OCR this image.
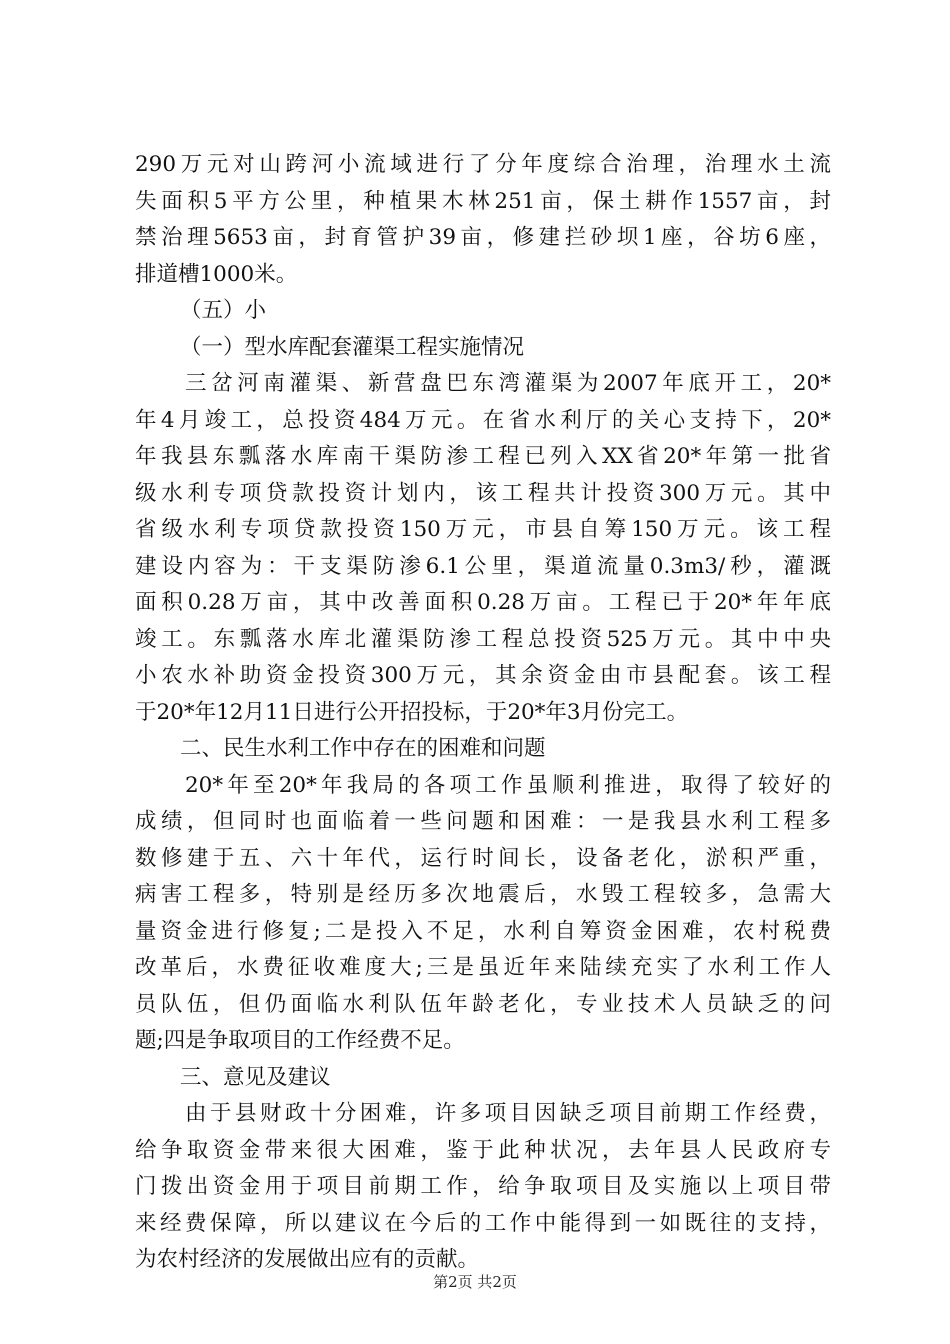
290万元对山跨河小流域进行了分年度综合治理，治理水土流
失面积5平方公里，种植果木林251亩，保土耕作1557亩，封
禁治理5653亩，封育管护39亩，修建拦砂坝1座，谷坊6座，
排道槽1000米。
（五）小
（一）型水库配套灌渠工程实施情况
三岔河南灌渠、新营盘巴东湾灌渠为2007年底开工，20*
年4月竣工，总投资484万元。在省水利厅的关心支持下，20*
年我县东瓢落水库南干渠防渗工程已列入XX省20*年第一批省
级水利专项贷款投资计划内，该工程共计投资300万元。其中
省级水利专项贷款投资150万元，市县自筹150万元。该工程
建设内容为：干支渠防渗6.1公里，渠道流量0.3m3/秒，灌溉
面积0.28万亩，其中改善面积0.28万亩。工程已于20*年年底
竣工。东瓢落水库北灌渠防渗工程总投资525万元。其中中央
小农水补助资金投资300万元，其余资金由市县配套。该工程
于20*年12月11日进行公开招投标，于20*年3月份完工。
二、民生水利工作中存在的困难和问题
20*年至20*年我局的各项工作虽顺利推进，取得了较好的
成绩，但同时也面临着一些问题和困难：一是我县水利工程多
数修建于五、六十年代，运行时间长，设备老化，淤积严重，
病害工程多，特别是经历多次地震后，水毁工程较多，急需大
量资金进行修复;二是投入不足，水利自筹资金困难，农村税费
改革后，水费征收难度大;三是虽近年来陆续充实了水利工作人
员队伍，但仍面临水利队伍年龄老化，专业技术人员缺乏的问
题;四是争取项目的工作经费不足。
三、意见及建议
由于县财政十分困难，许多项目因缺乏项目前期工作经费，
给争取资金带来很大困难，鉴于此种状况，去年县人民政府专
门拨出资金用于项目前期工作，给争取项目及实施以上项目带
来经费保障，所以建议在今后的工作中能得到一如既往的支持，
为农村经济的发展做出应有的贡献。
第2页 共2页
